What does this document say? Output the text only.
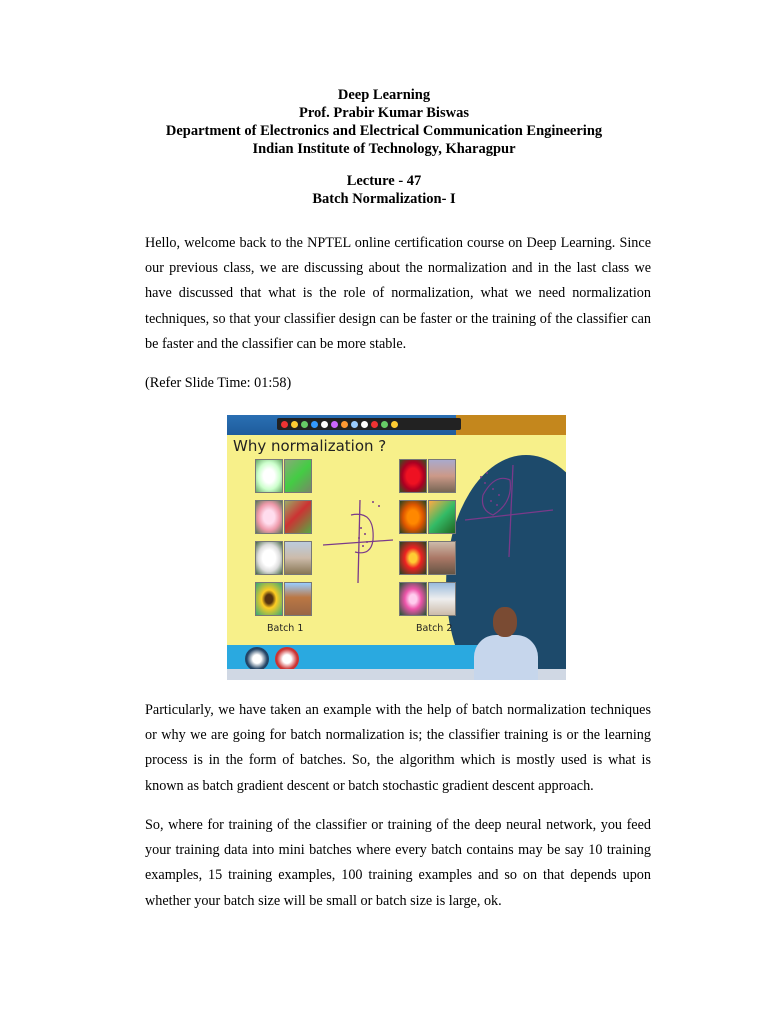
Deep Learning
Prof. Prabir Kumar Biswas
Department of Electronics and Electrical Communication Engineering
Indian Institute of Technology, Kharagpur
Lecture - 47
Batch Normalization- I

Hello, welcome back to the NPTEL online certification course on Deep Learning. Since our previous class, we are discussing about the normalization and in the last class we have discussed that what is the role of normalization, what we need normalization techniques, so that your classifier design can be faster or the training of the classifier can be faster and the classifier can be more stable.

(Refer Slide Time: 01:58)

Why normalization ?
Batch 1	Batch 2

Particularly, we have taken an example with the help of batch normalization techniques or why we are going for batch normalization is; the classifier training is or the learning process is in the form of batches. So, the algorithm which is mostly used is what is known as batch gradient descent or batch stochastic gradient descent approach.

So, where for training of the classifier or training of the deep neural network, you feed your training data into mini batches where every batch contains may be say 10 training examples, 15 training examples, 100 training examples and so on that depends upon whether your batch size will be small or batch size is large, ok.
